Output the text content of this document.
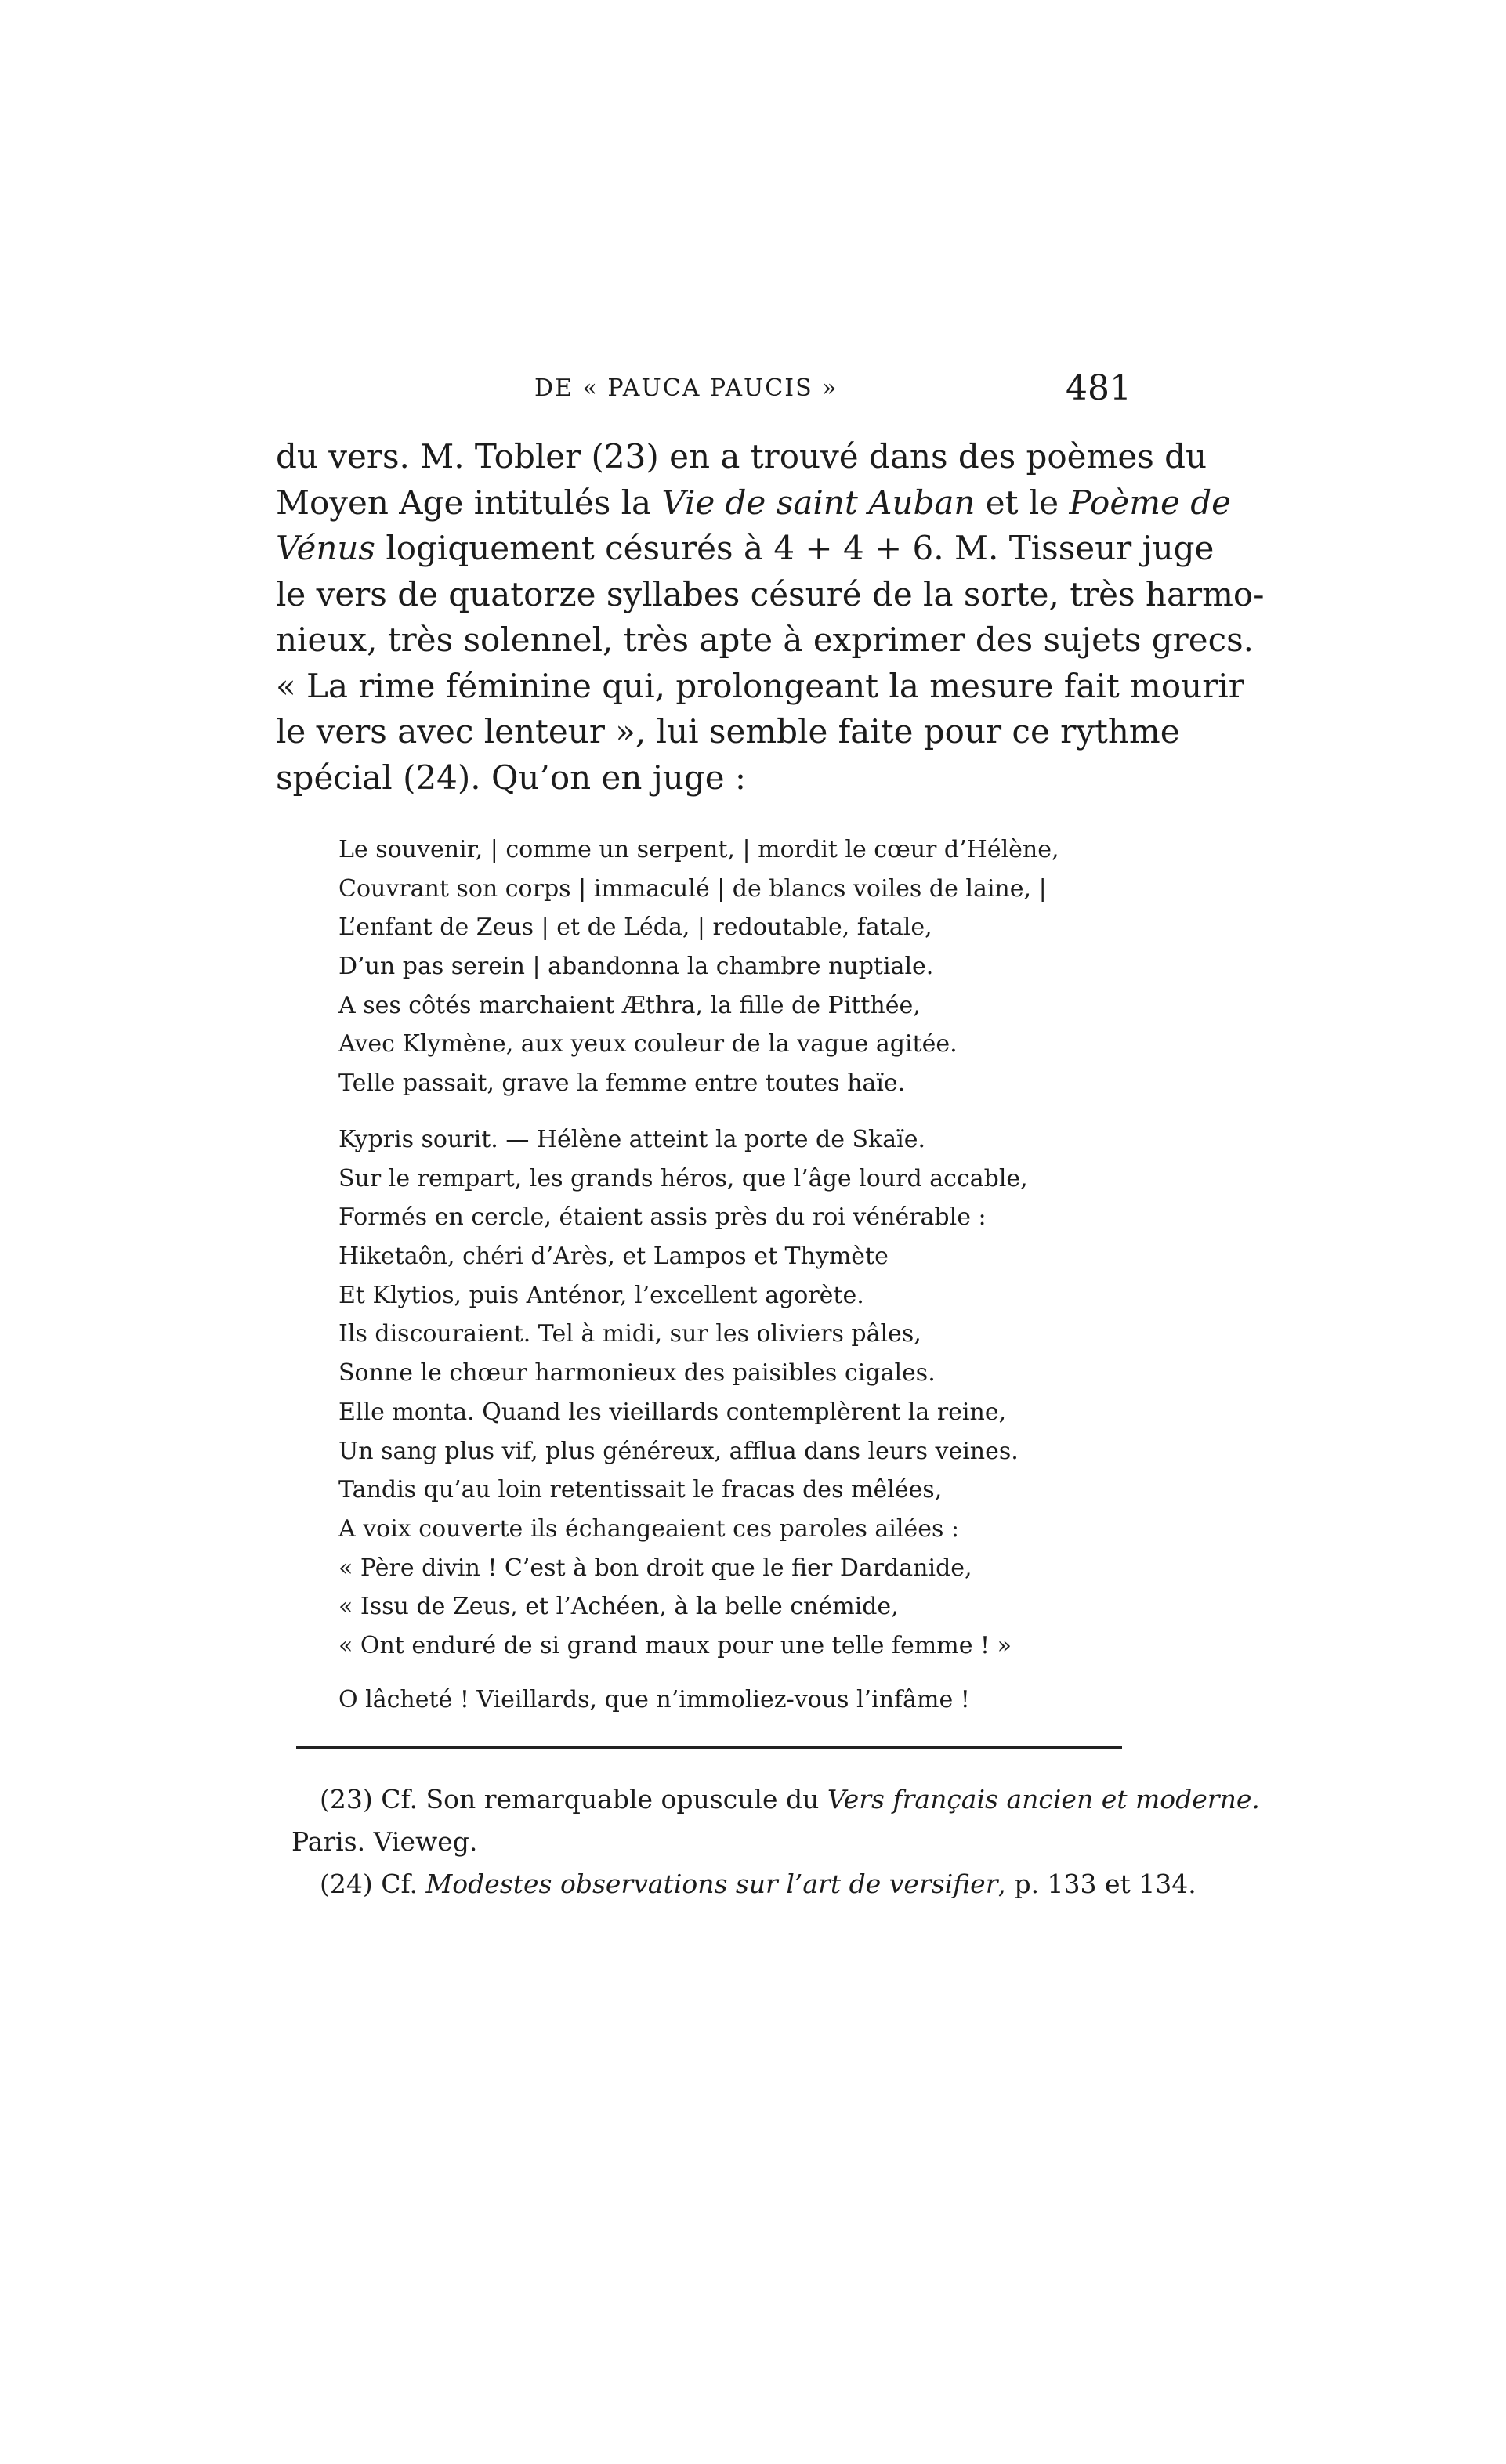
DE « PAUCA PAUCIS »	481
du vers. M. Tobler (23) en a trouvé dans des poèmes du
Moyen Age intitulés la Vie de saint Auban et le Poème de
Vénus logiquement césurés à 4 + 4 + 6. M. Tisseur juge
le vers de quatorze syllabes césuré de la sorte, très harmo-
nieux, très solennel, très apte à exprimer des sujets grecs.
« La rime féminine qui, prolongeant la mesure fait mourir
le vers avec lenteur », lui semble faite pour ce rythme
spécial (24). Qu’on en juge :
Le souvenir, | comme un serpent, | mordit le cœur d’Hélène,
Couvrant son corps | immaculé | de blancs voiles de laine, |
L’enfant de Zeus | et de Léda, | redoutable, fatale,
D’un pas serein | abandonna la chambre nuptiale.
A ses côtés marchaient Æthra, la fille de Pitthée,
Avec Klymène, aux yeux couleur de la vague agitée.
Telle passait, grave la femme entre toutes haïe.
Kypris sourit. — Hélène atteint la porte de Skaïe.
Sur le rempart, les grands héros, que l’âge lourd accable,
Formés en cercle, étaient assis près du roi vénérable :
Hiketaôn, chéri d’Arès, et Lampos et Thymète
Et Klytios, puis Anténor, l’excellent agorète.
Ils discouraient. Tel à midi, sur les oliviers pâles,
Sonne le chœur harmonieux des paisibles cigales.
Elle monta. Quand les vieillards contemplèrent la reine,
Un sang plus vif, plus généreux, afflua dans leurs veines.
Tandis qu’au loin retentissait le fracas des mêlées,
A voix couverte ils échangeaient ces paroles ailées :
« Père divin ! C’est à bon droit que le fier Dardanide,
« Issu de Zeus, et l’Achéen, à la belle cnémide,
« Ont enduré de si grand maux pour une telle femme ! »
O lâcheté ! Vieillards, que n’immoliez-vous l’infâme !
(23) Cf. Son remarquable opuscule du Vers français ancien et moderne.
Paris. Vieweg.
(24) Cf. Modestes observations sur l’art de versifier, p. 133 et 134.
